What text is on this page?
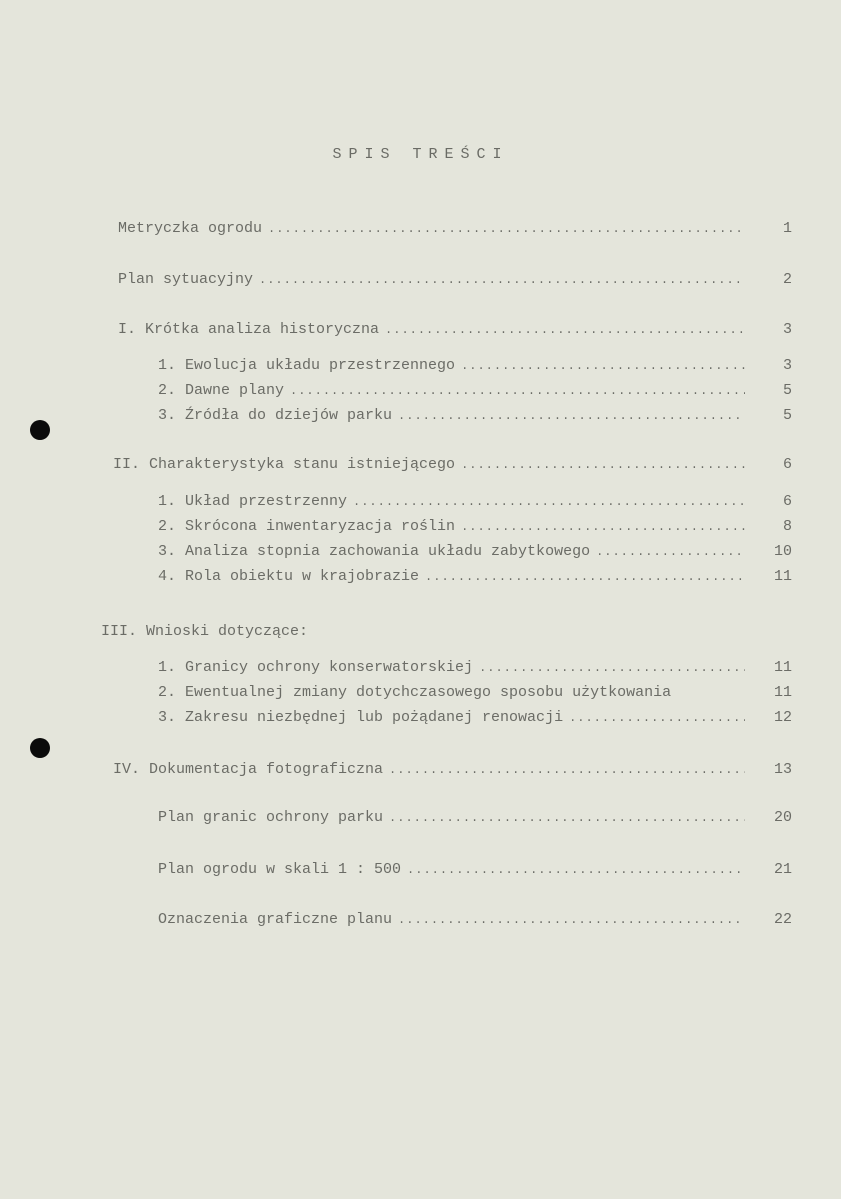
SPIS TREŚCI
Metryczka ogrodu .....	1
Plan sytuacyjny .....	2
I. Krótka analiza historyczna .....	3
1. Ewolucja układu przestrzennego .....	3
2. Dawne plany .....	5
3. Źródła do dziejów parku .....	5
II. Charakterystyka stanu istniejącego .....	6
1. Układ przestrzenny .....	6
2. Skrócona inwentaryzacja roślin .....	8
3. Analiza stopnia zachowania układu zabytkowego .....	10
4. Rola obiektu w krajobrazie .....	11
III. Wnioski dotyczące:
1. Granicy ochrony konserwatorskiej .....	11
2. Ewentualnej zmiany dotychczasowego sposobu użytkowania	11
3. Zakresu niezbędnej lub pożądanej renowacji .....	12
IV. Dokumentacja fotograficzna .....	13
Plan granic ochrony parku .....	20
Plan ogrodu w skali 1 : 500 .....	21
Oznaczenia graficzne planu .....	22
